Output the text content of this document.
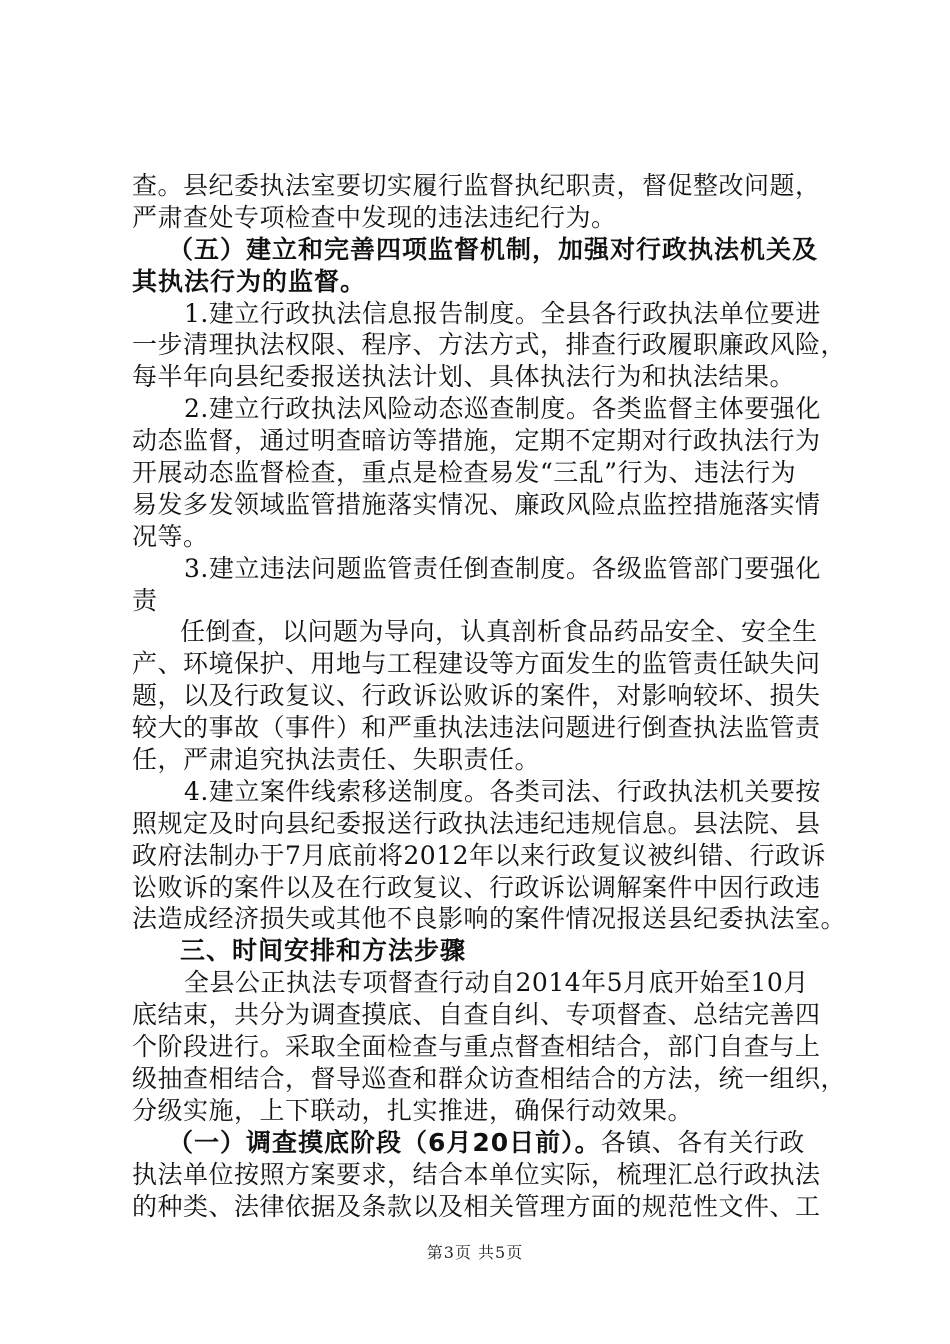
查。县纪委执法室要切实履行监督执纪职责，督促整改问题，
严肃查处专项检查中发现的违法违纪行为。
（五）建立和完善四项监督机制，加强对行政执法机关及
其执法行为的监督。
1.建立行政执法信息报告制度。全县各行政执法单位要进
一步清理执法权限、程序、方法方式，排查行政履职廉政风险，
每半年向县纪委报送执法计划、具体执法行为和执法结果。
2.建立行政执法风险动态巡查制度。各类监督主体要强化
动态监督，通过明查暗访等措施，定期不定期对行政执法行为
开展动态监督检查，重点是检查易发“三乱”行为、违法行为
易发多发领域监管措施落实情况、廉政风险点监控措施落实情
况等。
3.建立违法问题监管责任倒查制度。各级监管部门要强化
责
任倒查，以问题为导向，认真剖析食品药品安全、安全生
产、环境保护、用地与工程建设等方面发生的监管责任缺失问
题，以及行政复议、行政诉讼败诉的案件，对影响较坏、损失
较大的事故（事件）和严重执法违法问题进行倒查执法监管责
任，严肃追究执法责任、失职责任。
4.建立案件线索移送制度。各类司法、行政执法机关要按
照规定及时向县纪委报送行政执法违纪违规信息。县法院、县
政府法制办于7月底前将2012年以来行政复议被纠错、行政诉
讼败诉的案件以及在行政复议、行政诉讼调解案件中因行政违
法造成经济损失或其他不良影响的案件情况报送县纪委执法室。
三、时间安排和方法步骤
全县公正执法专项督查行动自2014年5月底开始至10月
底结束，共分为调查摸底、自查自纠、专项督查、总结完善四
个阶段进行。采取全面检查与重点督查相结合，部门自查与上
级抽查相结合，督导巡查和群众访查相结合的方法，统一组织，
分级实施，上下联动，扎实推进，确保行动效果。
（一）调查摸底阶段（6月20日前）。各镇、各有关行政
执法单位按照方案要求，结合本单位实际，梳理汇总行政执法
的种类、法律依据及条款以及相关管理方面的规范性文件、工
第3页 共5页
